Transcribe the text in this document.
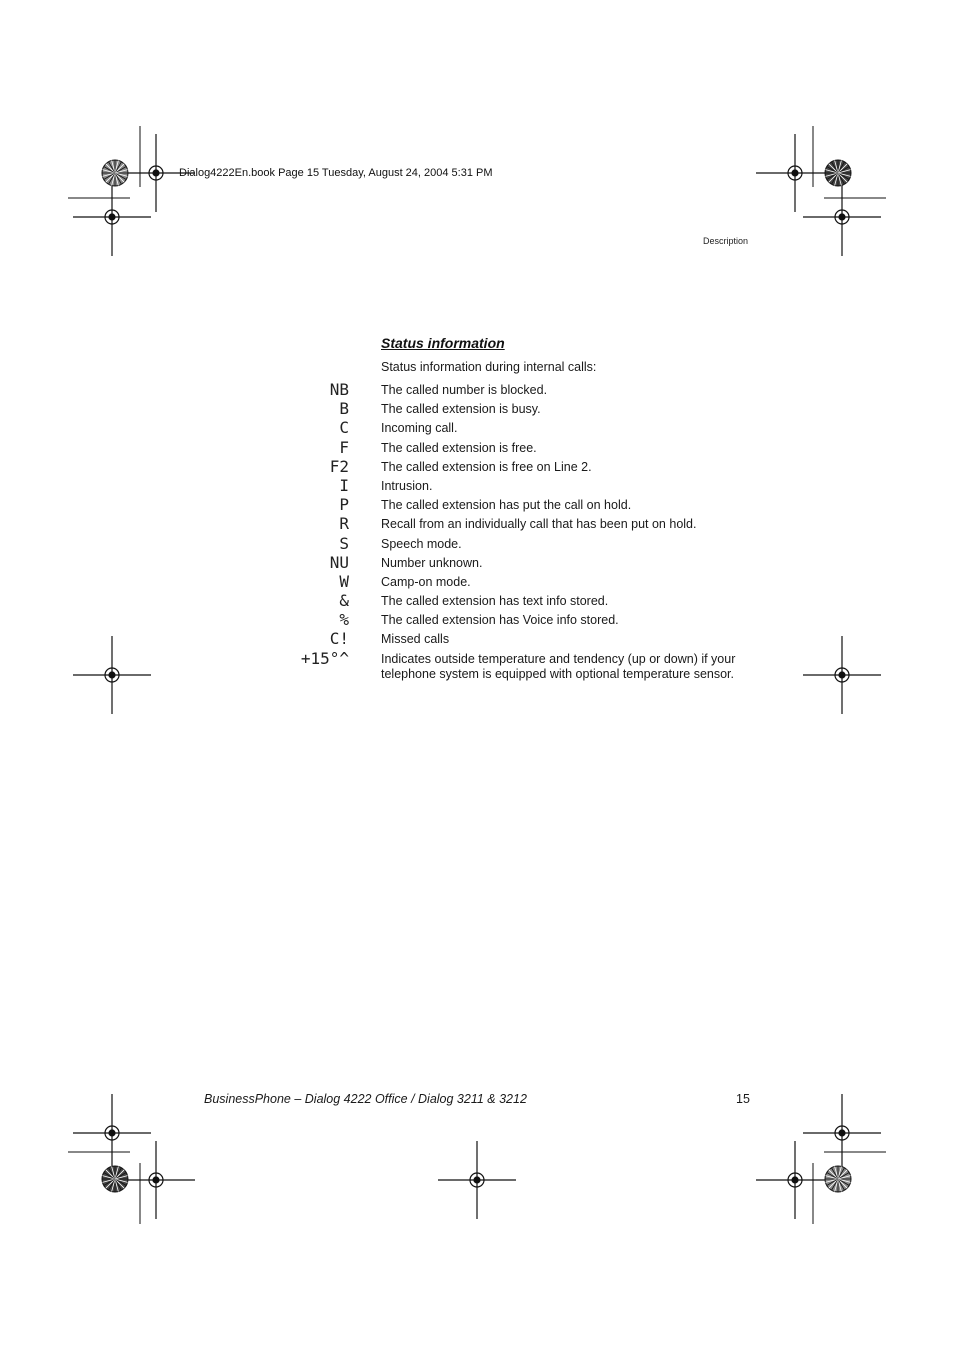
Dialog4222En.book Page 15 Tuesday, August 24, 2004 5:31 PM
Description
Status information
Status information during internal calls:
NB	The called number is blocked.
B	The called extension is busy.
C	Incoming call.
F	The called extension is free.
F2	The called extension is free on Line 2.
I	Intrusion.
P	The called extension has put the call on hold.
R	Recall from an individually call that has been put on hold.
S	Speech mode.
NU	Number unknown.
W	Camp-on mode.
&	The called extension has text info stored.
%	The called extension has Voice info stored.
C!	Missed calls
+15°^	Indicates outside temperature and tendency (up or down) if your telephone system is equipped with optional temperature sensor.
BusinessPhone – Dialog 4222 Office / Dialog 3211 & 3212	15
